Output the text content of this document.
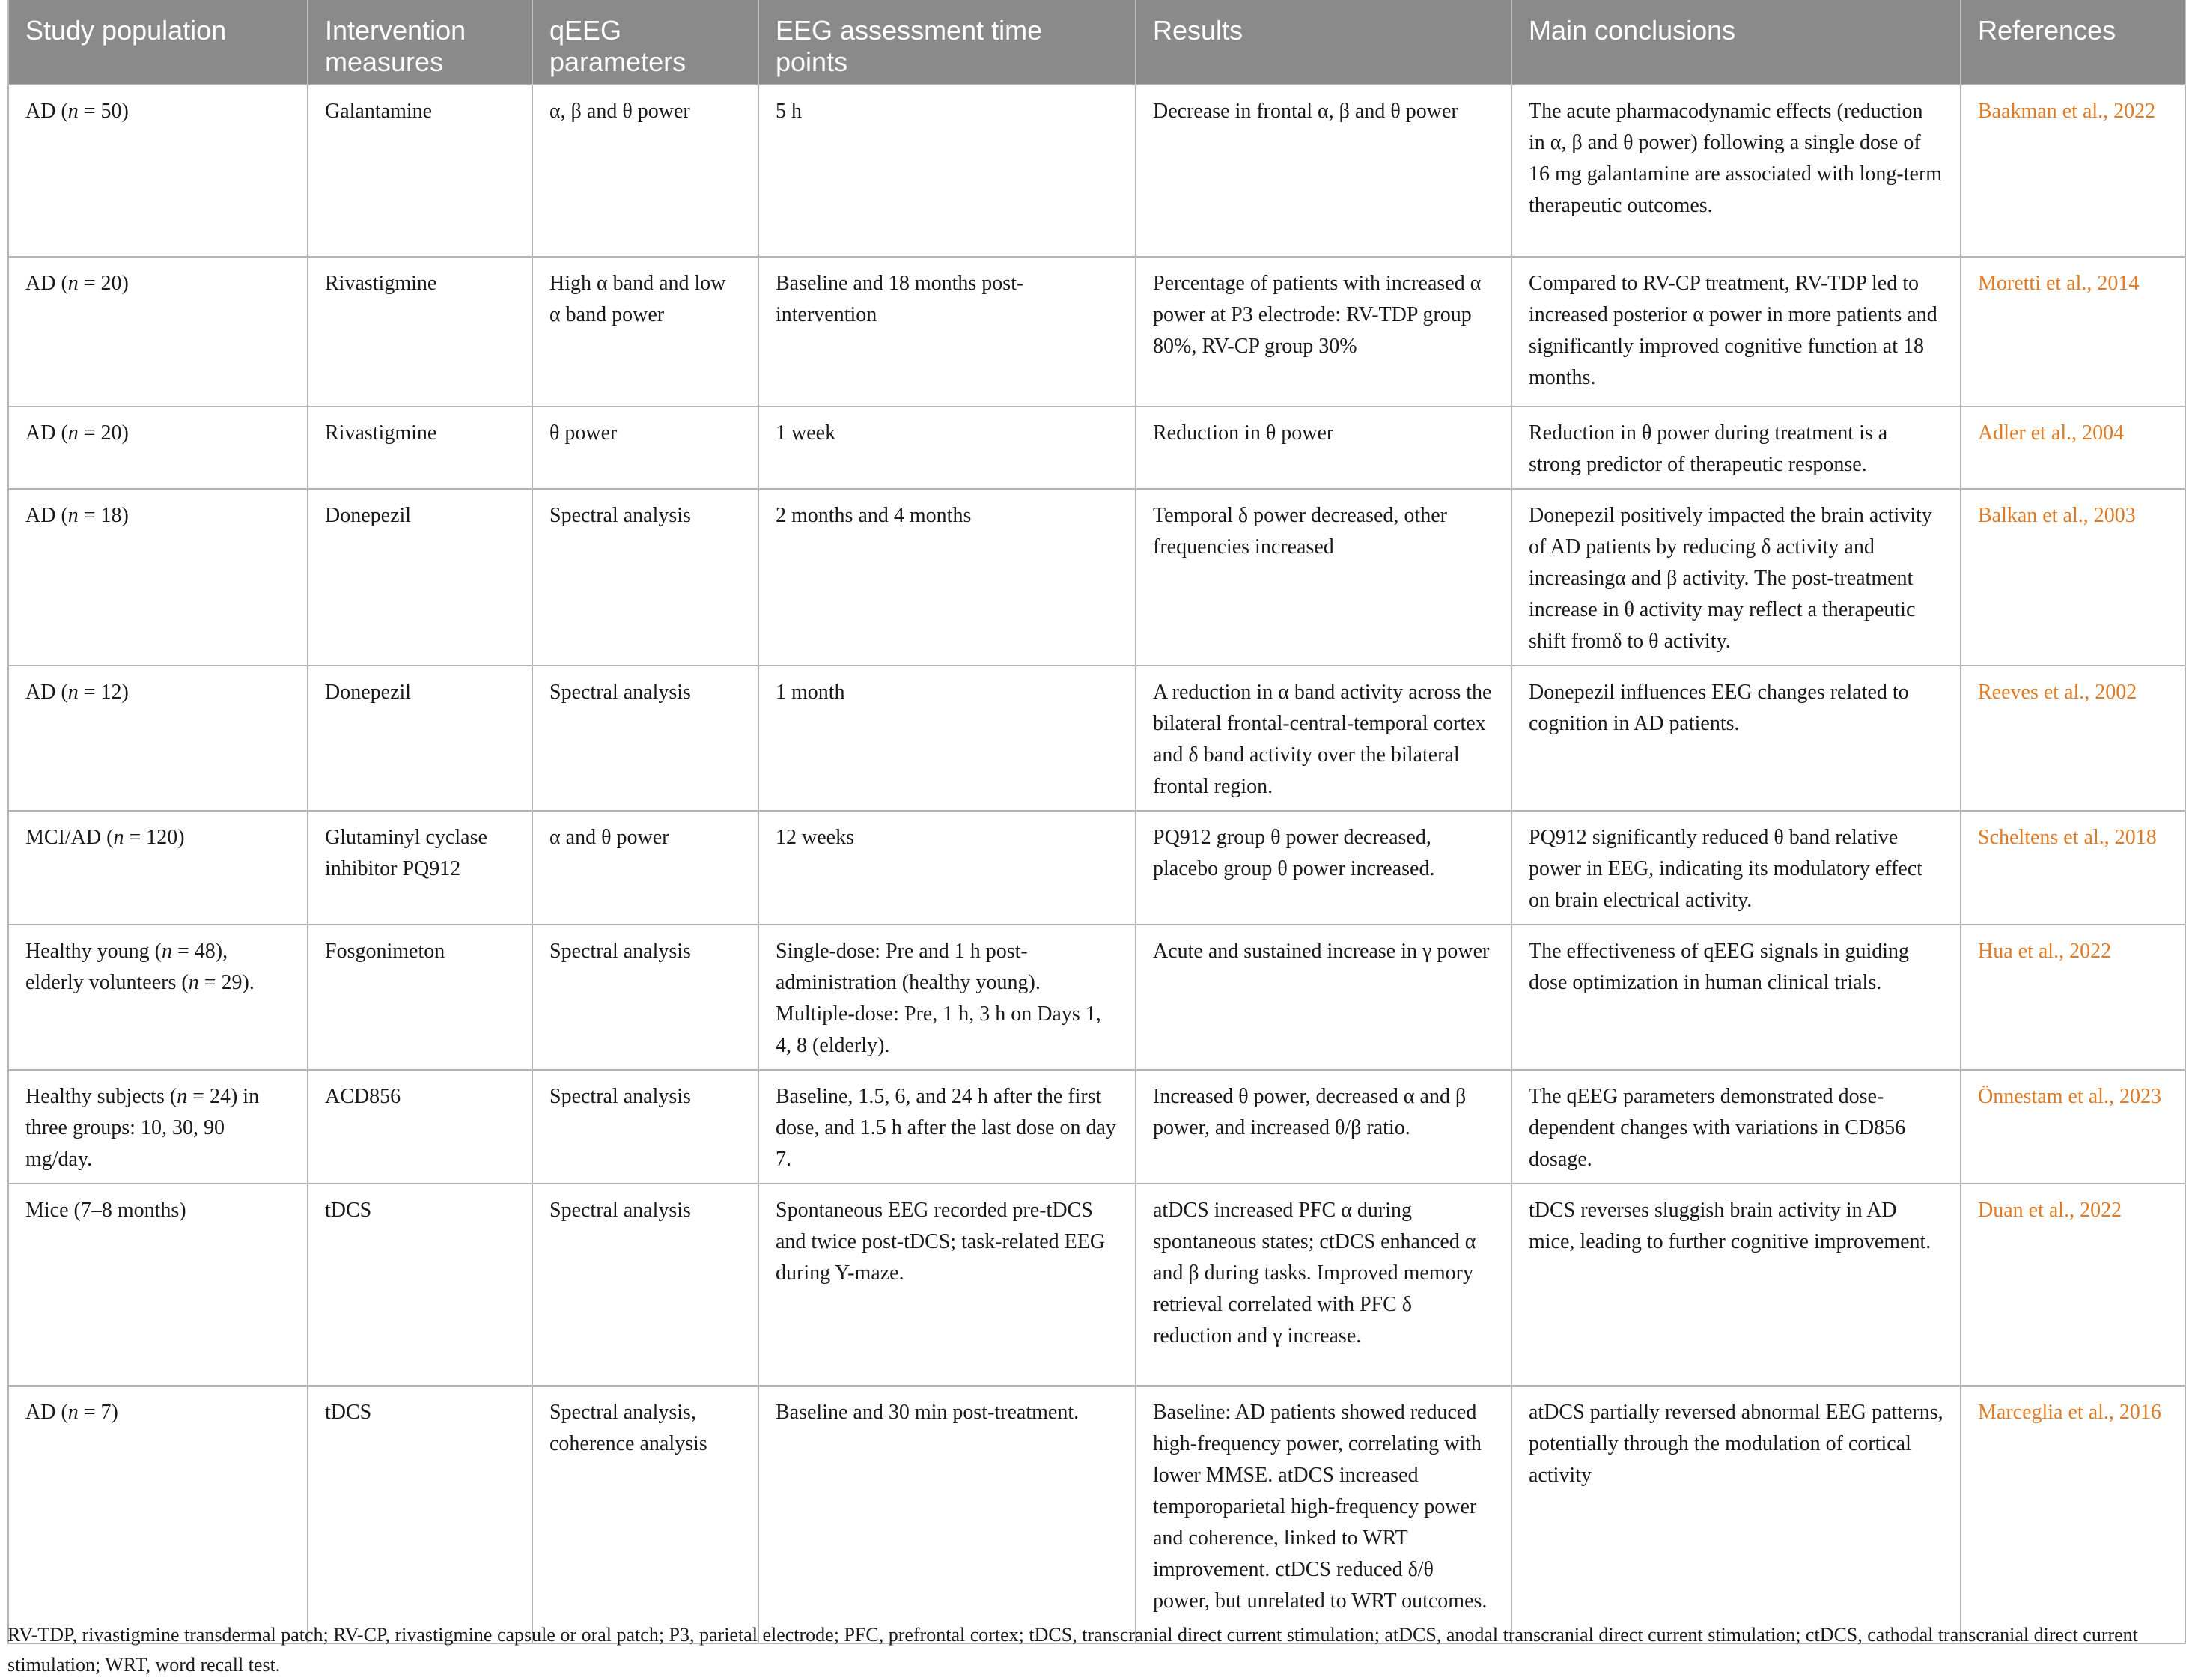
Study population	Intervention measures	qEEG parameters	EEG assessment time points	Results	Main conclusions	References
AD (n = 50)	Galantamine	α, β and θ power	5 h	Decrease in frontal α, β and θ power	The acute pharmacodynamic effects (reduction in α, β and θ power) following a single dose of 16 mg galantamine are associated with long-term therapeutic outcomes.	Baakman et al., 2022
AD (n = 20)	Rivastigmine	High α band and low α band power	Baseline and 18 months post-intervention	Percentage of patients with increased α power at P3 electrode: RV-TDP group 80%, RV-CP group 30%	Compared to RV-CP treatment, RV-TDP led to increased posterior α power in more patients and significantly improved cognitive function at 18 months.	Moretti et al., 2014
AD (n = 20)	Rivastigmine	θ power	1 week	Reduction in θ power	Reduction in θ power during treatment is a strong predictor of therapeutic response.	Adler et al., 2004
AD (n = 18)	Donepezil	Spectral analysis	2 months and 4 months	Temporal δ power decreased, other frequencies increased	Donepezil positively impacted the brain activity of AD patients by reducing δ activity and increasingα and β activity. The post-treatment increase in θ activity may reflect a therapeutic shift fromδ to θ activity.	Balkan et al., 2003
AD (n = 12)	Donepezil	Spectral analysis	1 month	A reduction in α band activity across the bilateral frontal-central-temporal cortex and δ band activity over the bilateral frontal region.	Donepezil influences EEG changes related to cognition in AD patients.	Reeves et al., 2002
MCI/AD (n = 120)	Glutaminyl cyclase inhibitor PQ912	α and θ power	12 weeks	PQ912 group θ power decreased, placebo group θ power increased.	PQ912 significantly reduced θ band relative power in EEG, indicating its modulatory effect on brain electrical activity.	Scheltens et al., 2018
Healthy young (n = 48), elderly volunteers (n = 29).	Fosgonimeton	Spectral analysis	Single-dose: Pre and 1 h post-administration (healthy young). Multiple-dose: Pre, 1 h, 3 h on Days 1, 4, 8 (elderly).	Acute and sustained increase in γ power	The effectiveness of qEEG signals in guiding dose optimization in human clinical trials.	Hua et al., 2022
Healthy subjects (n = 24) in three groups: 10, 30, 90 mg/day.	ACD856	Spectral analysis	Baseline, 1.5, 6, and 24 h after the first dose, and 1.5 h after the last dose on day 7.	Increased θ power, decreased α and β power, and increased θ/β ratio.	The qEEG parameters demonstrated dose-dependent changes with variations in CD856 dosage.	Önnestam et al., 2023
Mice (7–8 months)	tDCS	Spectral analysis	Spontaneous EEG recorded pre-tDCS and twice post-tDCS; task-related EEG during Y-maze.	atDCS increased PFC α during spontaneous states; ctDCS enhanced α and β during tasks. Improved memory retrieval correlated with PFC δ reduction and γ increase.	tDCS reverses sluggish brain activity in AD mice, leading to further cognitive improvement.	Duan et al., 2022
AD (n = 7)	tDCS	Spectral analysis, coherence analysis	Baseline and 30 min post-treatment.	Baseline: AD patients showed reduced high-frequency power, correlating with lower MMSE. atDCS increased temporoparietal high-frequency power and coherence, linked to WRT improvement. ctDCS reduced δ/θ power, but unrelated to WRT outcomes.	atDCS partially reversed abnormal EEG patterns, potentially through the modulation of cortical activity	Marceglia et al., 2016
RV-TDP, rivastigmine transdermal patch; RV-CP, rivastigmine capsule or oral patch; P3, parietal electrode; PFC, prefrontal cortex; tDCS, transcranial direct current stimulation; atDCS, anodal transcranial direct current stimulation; ctDCS, cathodal transcranial direct current stimulation; WRT, word recall test.
